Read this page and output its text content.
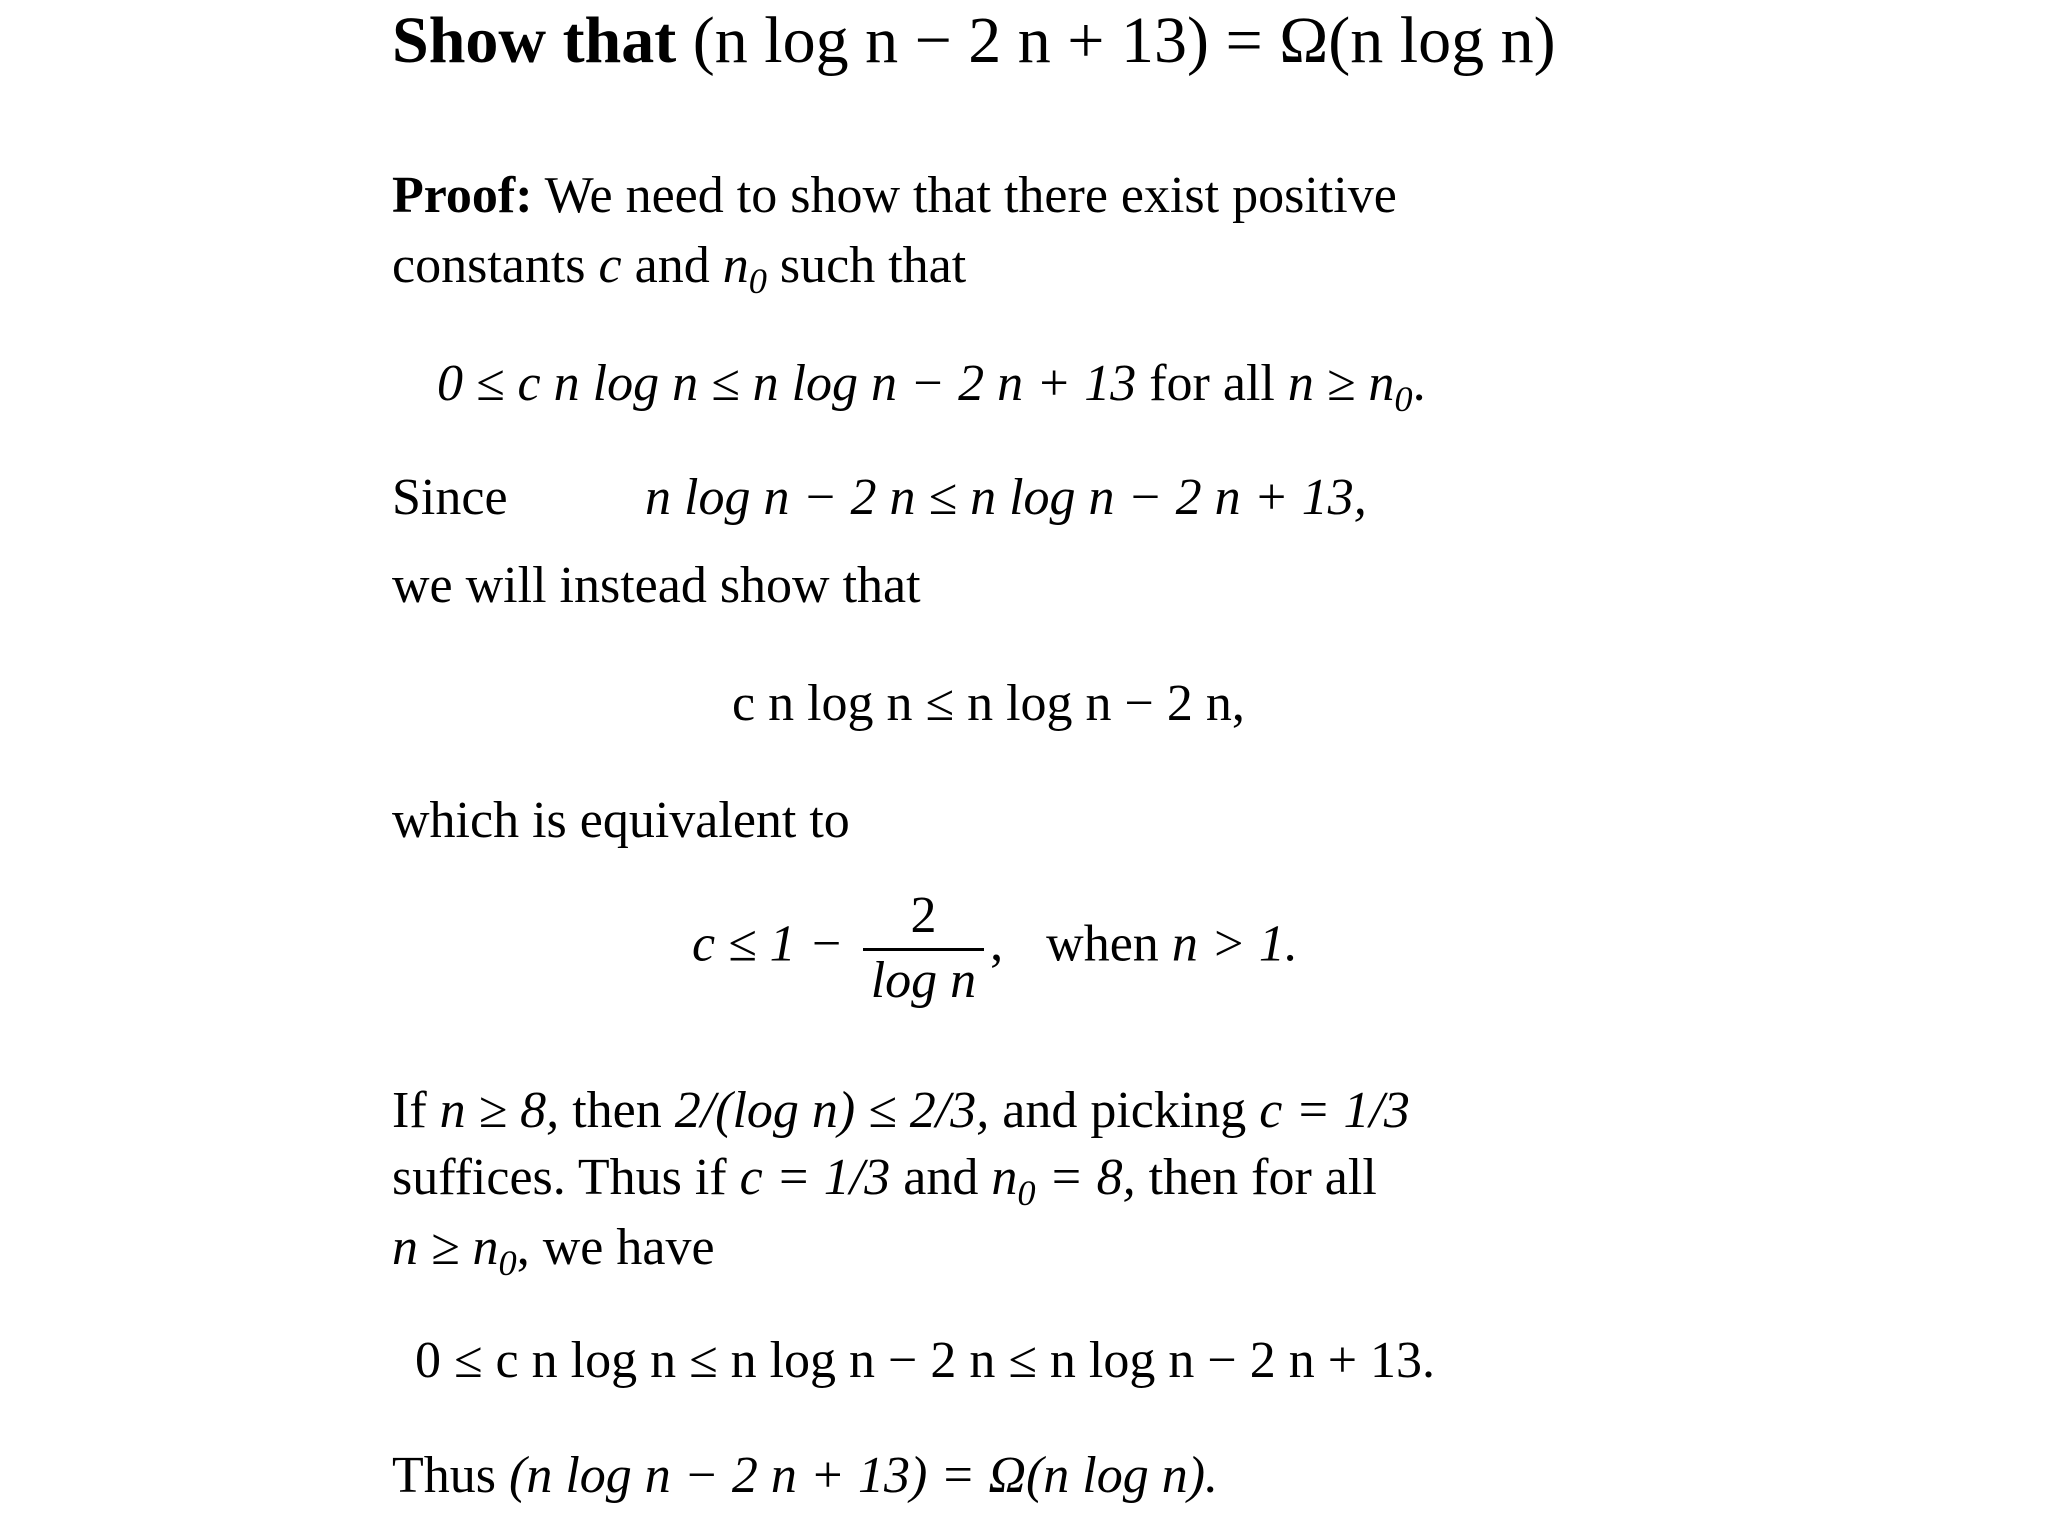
Show that (n log n − 2 n + 13) = Ω(n log n)
Proof: We need to show that there exist positive
constants c and $n_0$ such that
0 ≤ c n log n ≤ n log n − 2 n + 13 for all $n \ge n_0$.
Since	n log n − 2 n ≤ n log n − 2 n + 13,
we will instead show that
c n log n ≤ n log n − 2 n,
which is equivalent to
$c \le 1 - \frac{2}{\text{log n}}$ , when n > 1.
If n ≥ 8, then 2/(log n) ≤ 2/3, and picking c = 1/3
suffices. Thus if c = 1/3 and $n_0 = 8$, then for all
$n \ge n_0$, we have
0 ≤ c n log n ≤ n log n − 2 n ≤ n log n − 2 n + 13.
Thus (n log n − 2 n + 13) = Ω(n log n).
